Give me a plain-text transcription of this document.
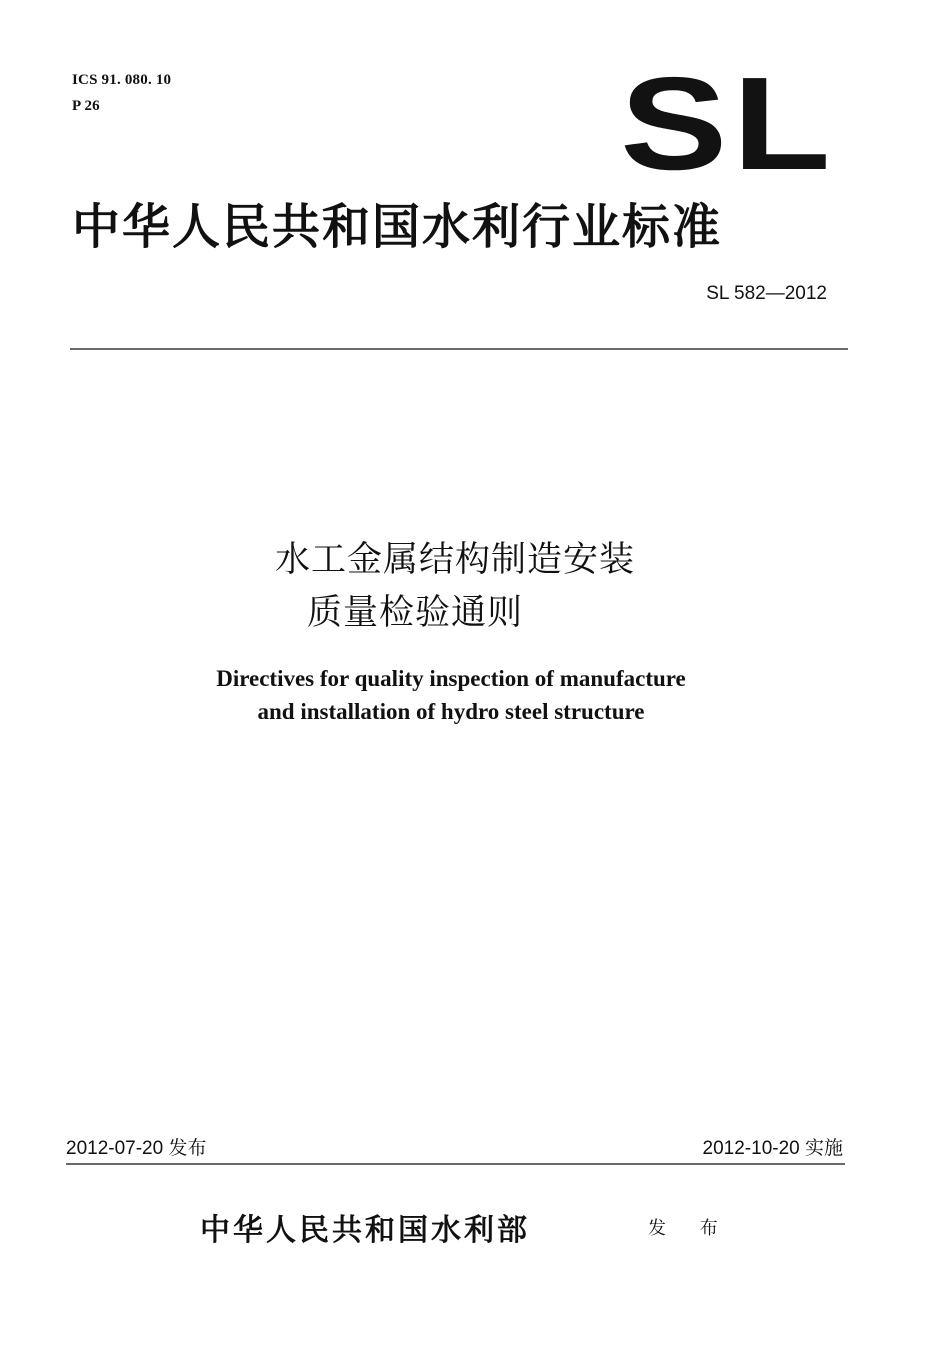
ICS 91. 080. 10
P 26	SL
中华人民共和国水利行业标准
SL 582—2012
水工金属结构制造安装
质量检验通则
Directives for quality inspection of manufacture
and installation of hydro steel structure
2012-07-20 发布	2012-10-20 实施
中华人民共和国水利部	发 布
